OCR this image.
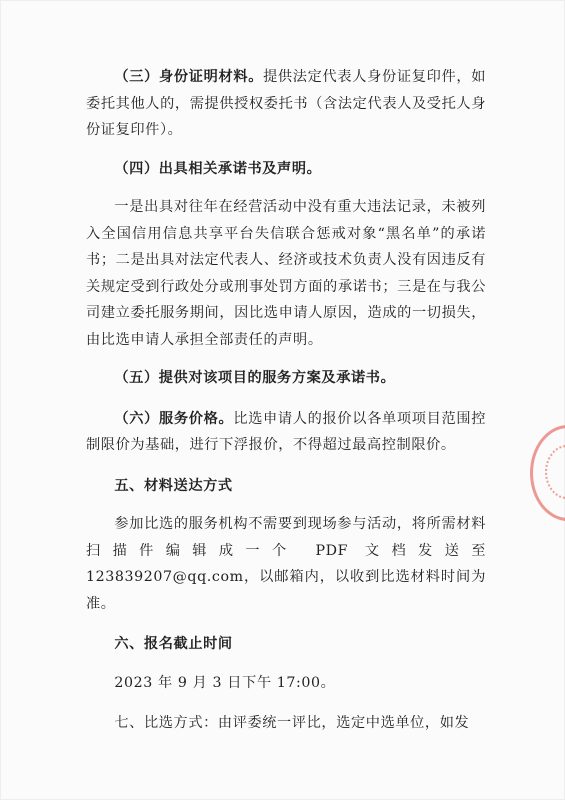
（三）身份证明材料。提供法定代表人身份证复印件，如委托其他人的，需提供授权委托书（含法定代表人及受托人身份证复印件）。

（四）出具相关承诺书及声明。

一是出具对往年在经营活动中没有重大违法记录，未被列入全国信用信息共享平台失信联合惩戒对象“黑名单”的承诺书；二是出具对法定代表人、经济或技术负责人没有因违反有关规定受到行政处分或刑事处罚方面的承诺书；三是在与我公司建立委托服务期间，因比选申请人原因，造成的一切损失，由比选申请人承担全部责任的声明。

（五）提供对该项目的服务方案及承诺书。

（六）服务价格。比选申请人的报价以各单项项目范围控制限价为基础，进行下浮报价，不得超过最高控制限价。

五、材料送达方式

参加比选的服务机构不需要到现场参与活动，将所需材料扫描件编辑成一个 PDF 文档发送至 123839207@qq.com，以邮箱内，以收到比选材料时间为准。

六、报名截止时间

2023 年 9 月 3 日下午 17:00。

七、比选方式：由评委统一评比，选定中选单位，如发
